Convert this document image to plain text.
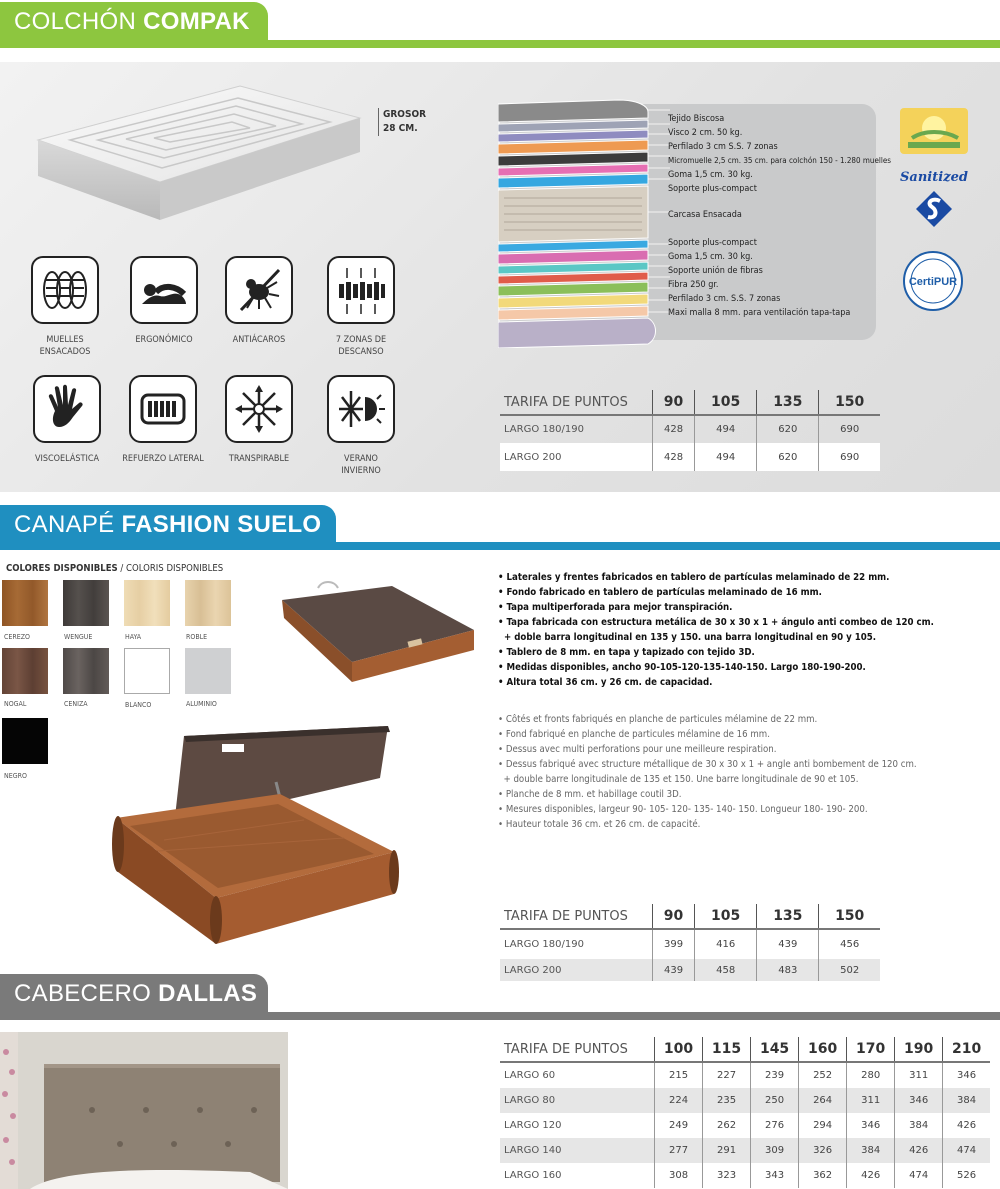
COLCHÓN COMPAK
GROSOR
28 CM.
MUELLES
ENSACADOS
ERGONÓMICO	ANTIÁCAROS	7 ZONAS DE
DESCANSO
VISCOELÁSTICA	REFUERZO LATERAL	TRANSPIRABLE	VERANO
INVIERNO
Tejido Biscosa
Visco 2 cm. 50 kg.
Perfilado 3 cm S.S. 7 zonas
Micromuelle 2,5 cm. 35 cm. para colchón 150 - 1.280 muelles
Goma 1,5 cm. 30 kg.
Soporte plus-compact
Carcasa Ensacada
Soporte plus-compact
Goma 1,5 cm. 30 kg.
Soporte unión de fibras
Fibra 250 gr.
Perfilado 3 cm. S.S. 7 zonas
Maxi malla 8 mm. para ventilación tapa-tapa
Sanitized
CertiPUR
TARIFA DE PUNTOS	90	105	135	150
LARGO 180/190	428	494	620	690
LARGO 200	428	494	620	690
CANAPÉ FASHION SUELO
COLORES DISPONIBLES / COLORIS DISPONIBLES
CEREZO	WENGUE	HAYA	ROBLE
NOGAL	CENIZA	BLANCO	ALUMINIO
NEGRO
• Laterales y frentes fabricados en tablero de partículas melaminado de 22 mm.
• Fondo fabricado en tablero de partículas melaminado de 16 mm.
• Tapa multiperforada para mejor transpiración.
• Tapa fabricada con estructura metálica de 30 x 30 x 1 + ángulo anti combeo de 120 cm.
+ doble barra longitudinal en 135 y 150. una barra longitudinal en 90 y 105.
• Tablero de 8 mm. en tapa y tapizado con tejido 3D.
• Medidas disponibles, ancho 90-105-120-135-140-150. Largo 180-190-200.
• Altura total 36 cm. y 26 cm. de capacidad.
• Côtés et fronts fabriqués en planche de particules mélamine de 22 mm.
• Fond fabriqué en planche de particules mélamine de 16 mm.
• Dessus avec multi perforations pour une meilleure respiration.
• Dessus fabriqué avec structure métallique de 30 x 30 x 1 + angle anti bombement de 120 cm.
+ double barre longitudinale de 135 et 150. Une barre longitudinale de 90 et 105.
• Planche de 8 mm. et habillage coutil 3D.
• Mesures disponibles, largeur 90- 105- 120- 135- 140- 150. Longueur 180- 190- 200.
• Hauteur totale 36 cm. et 26 cm. de capacité.
TARIFA DE PUNTOS	90	105	135	150
LARGO 180/190	399	416	439	456
LARGO 200	439	458	483	502
CABECERO DALLAS
TARIFA DE PUNTOS	100	115	145	160	170	190	210
LARGO 60	215	227	239	252	280	311	346
LARGO 80	224	235	250	264	311	346	384
LARGO 120	249	262	276	294	346	384	426
LARGO 140	277	291	309	326	384	426	474
LARGO 160	308	323	343	362	426	474	526
